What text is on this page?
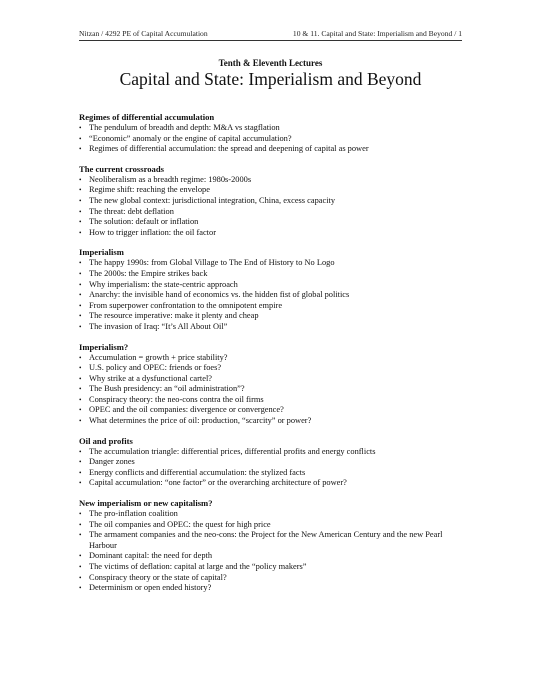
Nitzan / 4292 PE of Capital Accumulation	10 & 11. Capital and State: Imperialism and Beyond / 1
Tenth & Eleventh Lectures
Capital and State: Imperialism and Beyond
Regimes of differential accumulation
• The pendulum of breadth and depth: M&A vs stagflation
• “Economic” anomaly or the engine of capital accumulation?
• Regimes of differential accumulation: the spread and deepening of capital as power
The current crossroads
• Neoliberalism as a breadth regime: 1980s-2000s
• Regime shift: reaching the envelope
• The new global context: jurisdictional integration, China, excess capacity
• The threat: debt deflation
• The solution: default or inflation
• How to trigger inflation: the oil factor
Imperialism
• The happy 1990s: from Global Village to The End of History to No Logo
• The 2000s: the Empire strikes back
• Why imperialism: the state-centric approach
• Anarchy: the invisible hand of economics vs. the hidden fist of global politics
• From superpower confrontation to the omnipotent empire
• The resource imperative: make it plenty and cheap
• The invasion of Iraq: “It’s All About Oil”
Imperialism?
• Accumulation = growth + price stability?
• U.S. policy and OPEC: friends or foes?
• Why strike at a dysfunctional cartel?
• The Bush presidency: an “oil administration”?
• Conspiracy theory: the neo-cons contra the oil firms
• OPEC and the oil companies: divergence or convergence?
• What determines the price of oil: production, “scarcity” or power?
Oil and profits
• The accumulation triangle: differential prices, differential profits and energy conflicts
• Danger zones
• Energy conflicts and differential accumulation: the stylized facts
• Capital accumulation: “one factor” or the overarching architecture of power?
New imperialism or new capitalism?
• The pro-inflation coalition
• The oil companies and OPEC: the quest for high price
• The armament companies and the neo-cons: the Project for the New American Century and the new Pearl Harbour
• Dominant capital: the need for depth
• The victims of deflation: capital at large and the “policy makers”
• Conspiracy theory or the state of capital?
• Determinism or open ended history?
